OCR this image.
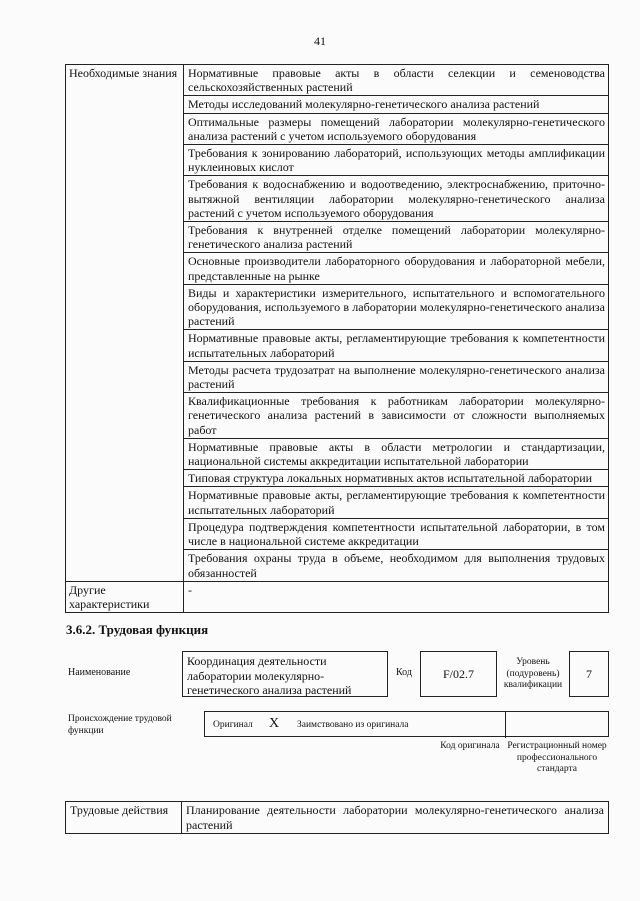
41
Необходимые знания	Нормативные правовые акты в области селекции и семеноводства сельскохозяйственных растений
	Методы исследований молекулярно-генетического анализа растений
	Оптимальные размеры помещений лаборатории молекулярно-генетического анализа растений с учетом используемого оборудования
	Требования к зонированию лабораторий, использующих методы амплификации нуклеиновых кислот
	Требования к водоснабжению и водоотведению, электроснабжению, приточно-вытяжной вентиляции лаборатории молекулярно-генетического анализа растений с учетом используемого оборудования
	Требования к внутренней отделке помещений лаборатории молекулярно-генетического анализа растений
	Основные производители лабораторного оборудования и лабораторной мебели, представленные на рынке
	Виды и характеристики измерительного, испытательного и вспомогательного оборудования, используемого в лаборатории молекулярно-генетического анализа растений
	Нормативные правовые акты, регламентирующие требования к компетентности испытательных лабораторий
	Методы расчета трудозатрат на выполнение молекулярно-генетического анализа растений
	Квалификационные требования к работникам лаборатории молекулярно-генетического анализа растений в зависимости от сложности выполняемых работ
	Нормативные правовые акты в области метрологии и стандартизации, национальной системы аккредитации испытательной лаборатории
	Типовая структура локальных нормативных актов испытательной лаборатории
	Нормативные правовые акты, регламентирующие требования к компетентности испытательных лабораторий
	Процедура подтверждения компетентности испытательной лаборатории, в том числе в национальной системе аккредитации
	Требования охраны труда в объеме, необходимом для выполнения трудовых обязанностей
Другие характеристики	-
3.6.2. Трудовая функция
Наименование
Координация деятельности лаборатории молекулярно-генетического анализа растений
Код	F/02.7
Уровень (подуровень) квалификации
7
Происхождение трудовой функции
Оригинал X Заимствовано из оригинала
Код оригинала Регистрационный номер профессионального стандарта
Трудовые действия	Планирование деятельности лаборатории молекулярно-генетического анализа растений
